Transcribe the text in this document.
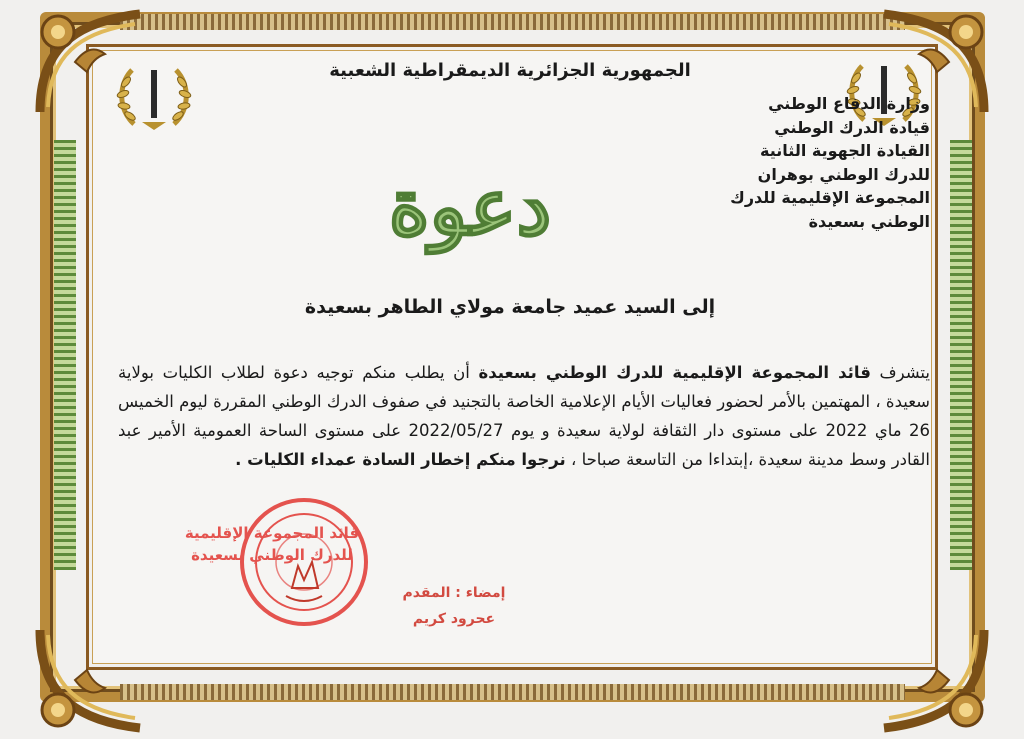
الجمهورية الجزائرية الديمقراطية الشعبية
وزارة الدفاع الوطني
قيادة الدرك الوطني
القيادة الجهوية الثانية
للدرك الوطني بوهران
المجموعة الإقليمية للدرك
الوطني بسعيدة
دعوة
إلى السيد عميد جامعة مولاي الطاهر بسعيدة
يتشرف قائد المجموعة الإقليمية للدرك الوطني بسعيدة أن يطلب منكم توجيه دعوة لطلاب الكليات بولاية سعيدة ، المهتمين بالأمر لحضور فعاليات الأيام الإعلامية الخاصة بالتجنيد في صفوف الدرك الوطني المقررة ليوم الخميس 26 ماي 2022 على مستوى دار الثقافة لولاية سعيدة و يوم 2022/05/27 على مستوى الساحة العمومية الأمير عبد القادر وسط مدينة سعيدة ،إبتداءا من التاسعة صباحا ، نرجوا منكم إخطار السادة عمداء الكليات .
قائد المجموعة الإقليمية
للدرك الوطني بسعيدة
إمضاء : المقدم
عحرود كريم
